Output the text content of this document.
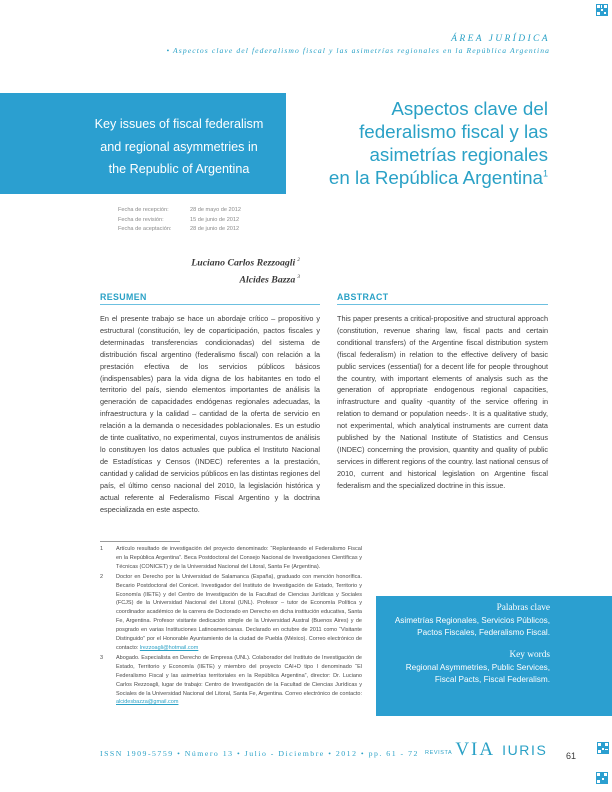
ÁREA JURÍDICA
• Aspectos clave del federalismo fiscal y las asimetrías regionales en la República Argentina
Key issues of fiscal federalism
and regional asymmetries in
the Republic of Argentina
Aspectos clave del
federalismo fiscal y las
asimetrías regionales
en la República Argentina$^1$
Fecha de recepción:	28 de mayo de 2012
Fecha de revisión:	15 de junio de 2012
Fecha de aceptación:	28 de junio de 2012
Luciano Carlos Rezzoagli $^2$
Alcides Bazza $^3$
RESUMEN	ABSTRACT
En el presente trabajo se hace un abordaje crítico – propositivo y estructural (constitución, ley de coparticipación, pactos fiscales y determinadas transferencias condicionadas) del sistema de distribución fiscal argentino (federalismo fiscal) con relación a la prestación efectiva de los servicios públicos básicos (indispensables) para la vida digna de los habitantes en todo el territorio del país, siendo elementos importantes de análisis la generación de capacidades endógenas regionales adecuadas, la infraestructura y la calidad – cantidad de la oferta de servicio en relación a la demanda o necesidades poblacionales. Es un estudio de tinte cualitativo, no experimental, cuyos instrumentos de análisis lo constituyen los datos actuales que publica el Instituto Nacional de Estadísticas y Censos (INDEC) referentes a la prestación, cantidad y calidad de servicios públicos en las distintas regiones del país, el último censo nacional del 2010, la legislación histórica y actual referente al Federalismo Fiscal Argentino y la doctrina especializada en este aspecto.
This paper presents a critical-propositive and structural approach (constitution, revenue sharing law, fiscal pacts and certain conditional transfers) of the Argentine fiscal distribution system (fiscal federalism) in relation to the effective delivery of basic public services (essential) for a decent life for people throughout the country, with important elements of analysis such as the generation of appropriate endogenous regional capacities, infrastructure and quality -quantity of the service offering in relation to demand or population needs-. It is a qualitative study, not experimental, which analytical instruments are current data published by the National Institute of Statistics and Census (INDEC) concerning the provision, quantity and quality of public services in different regions of the country. last national census of 2010, current and historical legislation on Argentine fiscal federalism and the specialized doctrine in this issue.
1	Artículo resultado de investigación del proyecto denominado: “Replanteando el Federalismo Fiscal en la República Argentina”. Beca Postdoctoral del Consejo Nacional de Investigaciones Científicas y Técnicas (CONICET) y de la Universidad Nacional del Litoral, Santa Fe (Argentina).
2	Doctor en Derecho por la Universidad de Salamanca (España), graduado con mención honorífica. Becario Postdoctoral del Conicet. Investigador del Instituto de Investigación de Estado, Territorio y Economía (IIETE) y del Centro de Investigación de la Facultad de Ciencias Jurídicas y Sociales (FCJS) de la Universidad Nacional del Litoral (UNL). Profesor – tutor de Economía Política y coordinador académico de la carrera de Doctorado en Derecho en dicha institución educativa, Santa Fe, Argentina. Profesor visitante dedicación simple de la Universidad Austral (Buenos Aires) y de posgrado en varias Instituciones Latinoamericanas. Declarado en octubre de 2011 como “Visitante Distinguido” por el Honorable Ayuntamiento de la ciudad de Puebla (México). Correo electrónico de contacto: lrezzoagli@hotmail.com
3	Abogado. Especialista en Derecho de Empresa (UNL). Colaborador del Instituto de Investigación de Estado, Territorio y Economía (IIETE) y miembro del proyecto CAI+D tipo I denominado “El Federalismo Fiscal y las asimetrías territoriales en la República Argentina”, director: Dr. Luciano Carlos Rezzoagli, lugar de trabajo: Centro de Investigación de la Facultad de Ciencias Jurídicas y Sociales de la Universidad Nacional del Litoral, Santa Fe, Argentina. Correo electrónico de contacto: alcidesbazza@gmail.com
Palabras clave
Asimetrías Regionales, Servicios Públicos,
Pactos Fiscales, Federalismo Fiscal.
Key words
Regional Asymmetries, Public Services,
Fiscal Pacts, Fiscal Federalism.
ISSN 1909-5759 • Número 13 • Julio - Diciembre • 2012 • pp. 61 - 72 REVISTA VIA IURIS 61
